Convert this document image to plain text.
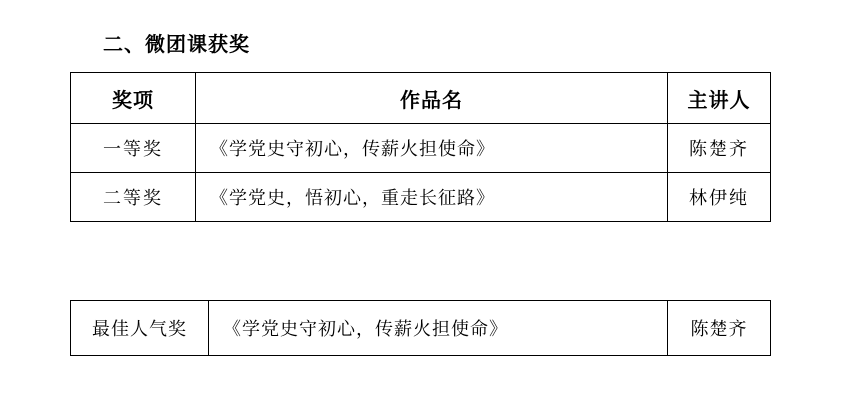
二、微团课获奖
奖项	作品名	主讲人
一等奖	《学党史守初心，传薪火担使命》	陈楚齐
二等奖	《学党史，悟初心，重走长征路》	林伊纯
最佳人气奖	《学党史守初心，传薪火担使命》	陈楚齐
